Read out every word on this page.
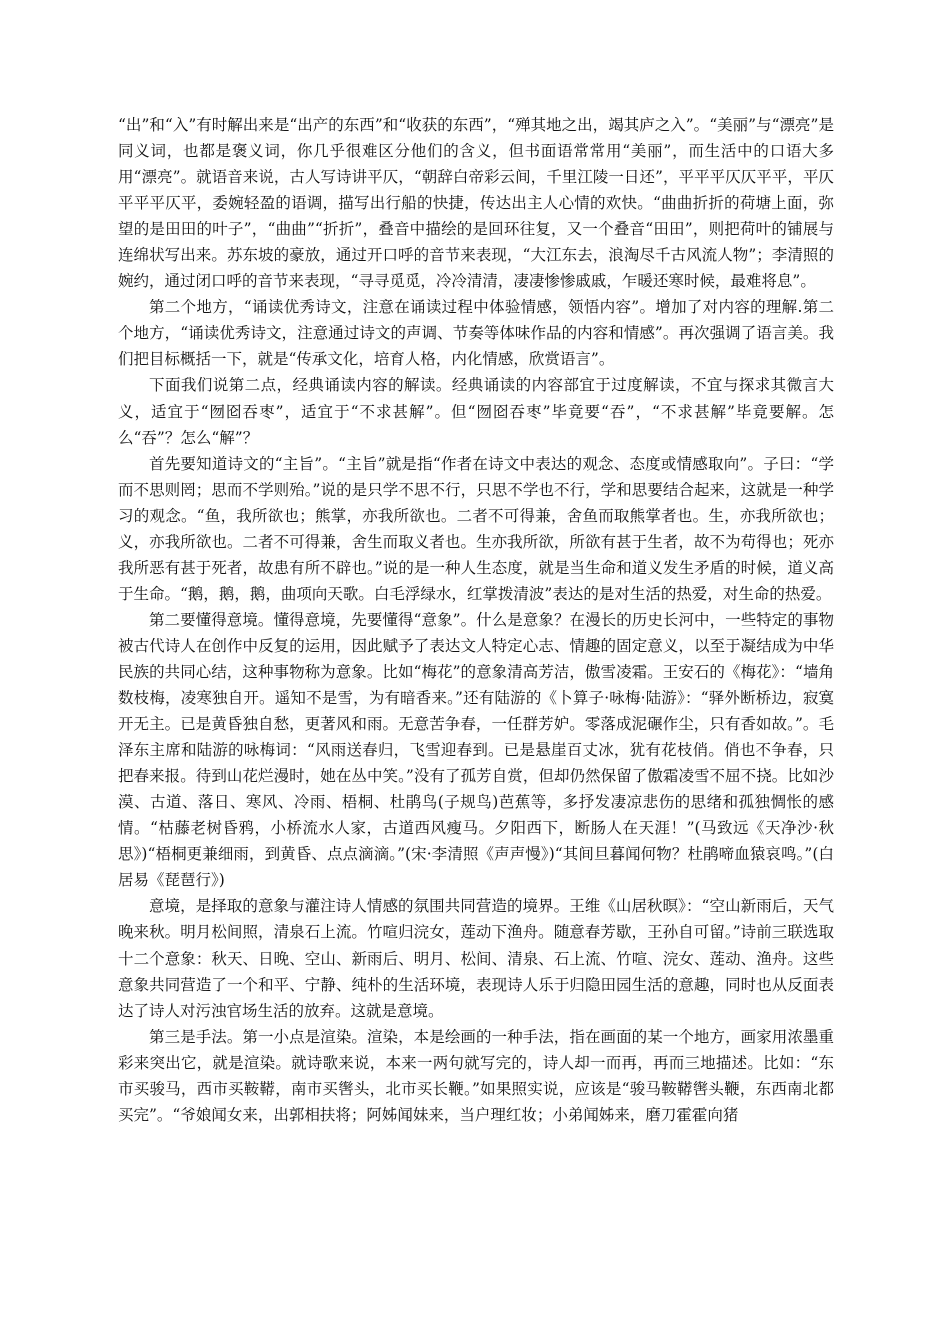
“出”和“入”有时解出来是“出产的东西”和“收获的东西”，“殚其地之出，竭其庐之入”。“美丽”与“漂亮”是同义词，也都是褒义词，你几乎很难区分他们的含义，但书面语常常用“美丽”，而生活中的口语大多用“漂亮”。就语音来说，古人写诗讲平仄，“朝辞白帝彩云间，千里江陵一日还”，平平平仄仄平平，平仄平平平仄平，委婉轻盈的语调，描写出行船的快捷，传达出主人心情的欢快。“曲曲折折的荷塘上面，弥望的是田田的叶子”，“曲曲”“折折”，叠音中描绘的是回环往复，又一个叠音“田田”，则把荷叶的铺展与连绵状写出来。苏东坡的豪放，通过开口呼的音节来表现，“大江东去，浪淘尽千古风流人物”；李清照的婉约，通过闭口呼的音节来表现，“寻寻觅觅，冷冷清清，凄凄惨惨戚戚，乍暖还寒时候，最难将息”。

第二个地方，“诵读优秀诗文，注意在诵读过程中体验情感，领悟内容”。增加了对内容的理解.第二个地方，“诵读优秀诗文，注意通过诗文的声调、节奏等体味作品的内容和情感”。再次强调了语言美。我们把目标概括一下，就是“传承文化，培育人格，内化情感，欣赏语言”。

下面我们说第二点，经典诵读内容的解读。经典诵读的内容部宜于过度解读，不宜与探求其微言大义，适宜于“囫囵吞枣”，适宜于“不求甚解”。但“囫囵吞枣”毕竟要“吞”，“不求甚解”毕竟要解。怎么“吞”？怎么“解”？

首先要知道诗文的“主旨”。“主旨”就是指“作者在诗文中表达的观念、态度或情感取向”。子曰：“学而不思则罔；思而不学则殆。”说的是只学不思不行，只思不学也不行，学和思要结合起来，这就是一种学习的观念。“鱼，我所欲也；熊掌，亦我所欲也。二者不可得兼，舍鱼而取熊掌者也。生，亦我所欲也；义，亦我所欲也。二者不可得兼，舍生而取义者也。生亦我所欲，所欲有甚于生者，故不为苟得也；死亦我所恶有甚于死者，故患有所不辟也。”说的是一种人生态度，就是当生命和道义发生矛盾的时候，道义高于生命。“鹅，鹅，鹅，曲项向天歌。白毛浮绿水，红掌拨清波”表达的是对生活的热爱，对生命的热爱。

第二要懂得意境。懂得意境，先要懂得“意象”。什么是意象？在漫长的历史长河中，一些特定的事物被古代诗人在创作中反复的运用，因此赋予了表达文人特定心志、情趣的固定意义，以至于凝结成为中华民族的共同心结，这种事物称为意象。比如“梅花”的意象清高芳洁，傲雪凌霜。王安石的《梅花》：“墙角数枝梅，凌寒独自开。遥知不是雪，为有暗香来。”还有陆游的《卜算子·咏梅·陆游》：“驿外断桥边，寂寞开无主。已是黄昏独自愁，更著风和雨。无意苦争春，一任群芳妒。零落成泥碾作尘，只有香如故。”。毛泽东主席和陆游的咏梅词：“风雨送春归，飞雪迎春到。已是悬崖百丈冰，犹有花枝俏。俏也不争春，只把春来报。待到山花烂漫时，她在丛中笑。”没有了孤芳自赏，但却仍然保留了傲霜凌雪不屈不挠。比如沙漠、古道、落日、寒风、冷雨、梧桐、杜鹃鸟(子规鸟)芭蕉等，多抒发凄凉悲伤的思绪和孤独惆怅的感情。“枯藤老树昏鸦，小桥流水人家，古道西风瘦马。夕阳西下，断肠人在天涯！”(马致远《天净沙·秋思》)“梧桐更兼细雨，到黄昏、点点滴滴。”(宋·李清照《声声慢》)“其间旦暮闻何物？杜鹃啼血猿哀鸣。”(白居易《琵琶行》)

意境，是择取的意象与灌注诗人情感的氛围共同营造的境界。王维《山居秋暝》：“空山新雨后，天气晚来秋。明月松间照，清泉石上流。竹喧归浣女，莲动下渔舟。随意春芳歇，王孙自可留。”诗前三联选取十二个意象：秋天、日晚、空山、新雨后、明月、松间、清泉、石上流、竹喧、浣女、莲动、渔舟。这些意象共同营造了一个和平、宁静、纯朴的生活环境，表现诗人乐于归隐田园生活的意趣，同时也从反面表达了诗人对污浊官场生活的放弃。这就是意境。

第三是手法。第一小点是渲染。渲染，本是绘画的一种手法，指在画面的某一个地方，画家用浓墨重彩来突出它，就是渲染。就诗歌来说，本来一两句就写完的，诗人却一而再，再而三地描述。比如：“东市买骏马，西市买鞍鞯，南市买辔头，北市买长鞭。”如果照实说，应该是“骏马鞍鞯辔头鞭，东西南北都买完”。“爷娘闻女来，出郭相扶将；阿姊闻妹来，当户理红妆；小弟闻姊来，磨刀霍霍向猪
